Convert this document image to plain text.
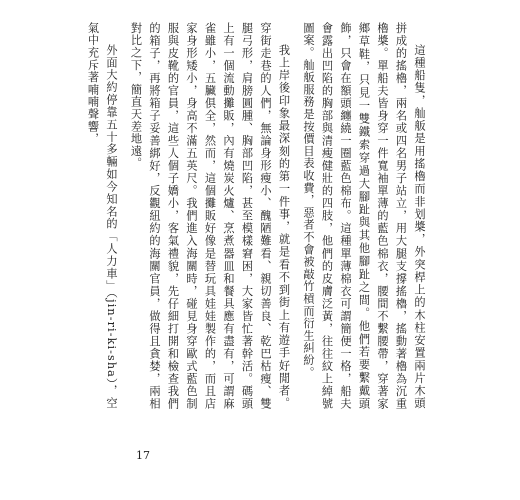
這種船隻，舢舨是用搖櫓而非划槳，外突桿上的木柱安置兩片木頭拼成的搖櫓，兩名或四名男子站立，用大腿支撐搖櫓，搖動著櫓為沉重櫓槳。單船夫皆身穿一件寬袖單薄的藍色棉衣，腰間不繫腰帶，穿著家鄉草鞋，只見一雙鐵索穿過大腳趾與其他腳趾之間。他們若要繫戴頭飾，只會在額頭纏繞一圈藍色棉布。這種單薄棉衣可謂簡便一格，船夫會露出凹陷的胸部與清瘦健壯的四肢，他們的皮膚泛黃，往往紋上綽號圖案。舢舨服務是按價目表收費，惡者不會被敲竹槓而衍生糾紛。

我上岸後印象最深刻的第一件事，就是看不到街上有遊手好閒者。穿街走巷的人們，無論身形瘦小、醜陋難看、親切善良、乾巴枯瘦、雙腿弓形，肩膀圓腫、胸部凹陷，甚至模樣窘困，大家皆忙著幹活。碼頭上有一個流動攤販，內有燒炭火爐、烹煮器皿和餐具應有盡有，可謂麻雀雖小，五臟俱全，然而，這個攤販好像是替玩具娃娃製作的，而且店家身形矮小，身高不滿五英尺。我們進入海關時，碰見身穿歐式藍色制服與皮靴的官員，這些人個子嬌小，客氣禮貌，先仔細打開和檢查我們的箱子，再將箱子妥善綁好，反觀紐約的海關官員，做得且貪婪，兩相對比之下，簡直天差地遠。

外面大約停靠五十多輛如今知名的「人力車」（jin-ri-ki-sha），空氣中充斥著喃喃聲響，

17
